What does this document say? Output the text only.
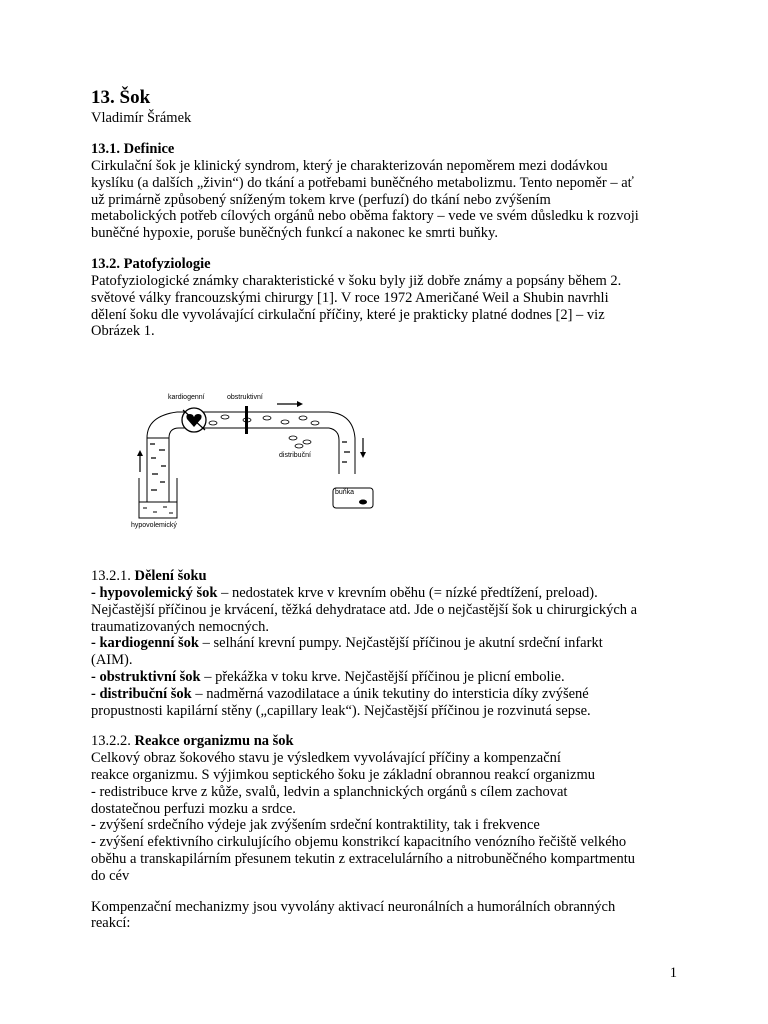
13. Šok
Vladimír Šrámek
13.1. Definice

Cirkulační šok je klinický syndrom, který je charakterizován nepoměrem mezi dodávkou
kyslíku (a dalších „živin“) do tkání a potřebami buněčného metabolizmu. Tento nepoměr – ať
už primárně způsobený sníženým tokem krve (perfuzí) do tkání nebo zvýšením
metabolických potřeb cílových orgánů nebo oběma faktory – vede ve svém důsledku k rozvoji
buněčné hypoxie, poruše buněčných funkcí a nakonec ke smrti buňky.

13.2. Patofyziologie

Patofyziologické známky charakteristické v šoku byly již dobře známy a popsány během 2.
světové války francouzskými chirurgy [1]. V roce 1972 Američané Weil a Shubin navrhli
dělení šoku dle vyvolávající cirkulační příčiny, které je prakticky platné dodnes [2] – viz
Obrázek 1.

kardiogenní	obstruktivní
distribuční
buňka
hypovolemický

13.2.1. Dělení šoku

- hypovolemický šok – nedostatek krve v krevním oběhu (= nízké předtížení, preload).
Nejčastější příčinou je krvácení, těžká dehydratace atd. Jde o nejčastější šok u chirurgických a
traumatizovaných nemocných.
- kardiogenní šok – selhání krevní pumpy. Nejčastější příčinou je akutní srdeční infarkt
(AIM).
- obstruktivní šok – překážka v toku krve. Nejčastější příčinou je plicní embolie.
- distribuční šok – nadměrná vazodilatace a únik tekutiny do intersticia díky zvýšené
propustnosti kapilární stěny („capillary leak“). Nejčastější příčinou je rozvinutá sepse.

13.2.2. Reakce organizmu na šok

Celkový obraz šokového stavu je výsledkem vyvolávající příčiny a kompenzační
reakce organizmu. S výjimkou septického šoku je základní obrannou reakcí organizmu
- redistribuce krve z kůže, svalů, ledvin a splanchnických orgánů s cílem zachovat
dostatečnou perfuzi mozku a srdce.
- zvýšení srdečního výdeje jak zvýšením srdeční kontraktility, tak i frekvence
- zvýšení efektivního cirkulujícího objemu konstrikcí kapacitního venózního řečiště velkého
oběhu a transkapilárním přesunem tekutin z extracelulárního a nitrobuněčného kompartmentu
do cév

Kompenzační mechanizmy jsou vyvolány aktivací neuronálních a humorálních obranných
reakcí:

1
